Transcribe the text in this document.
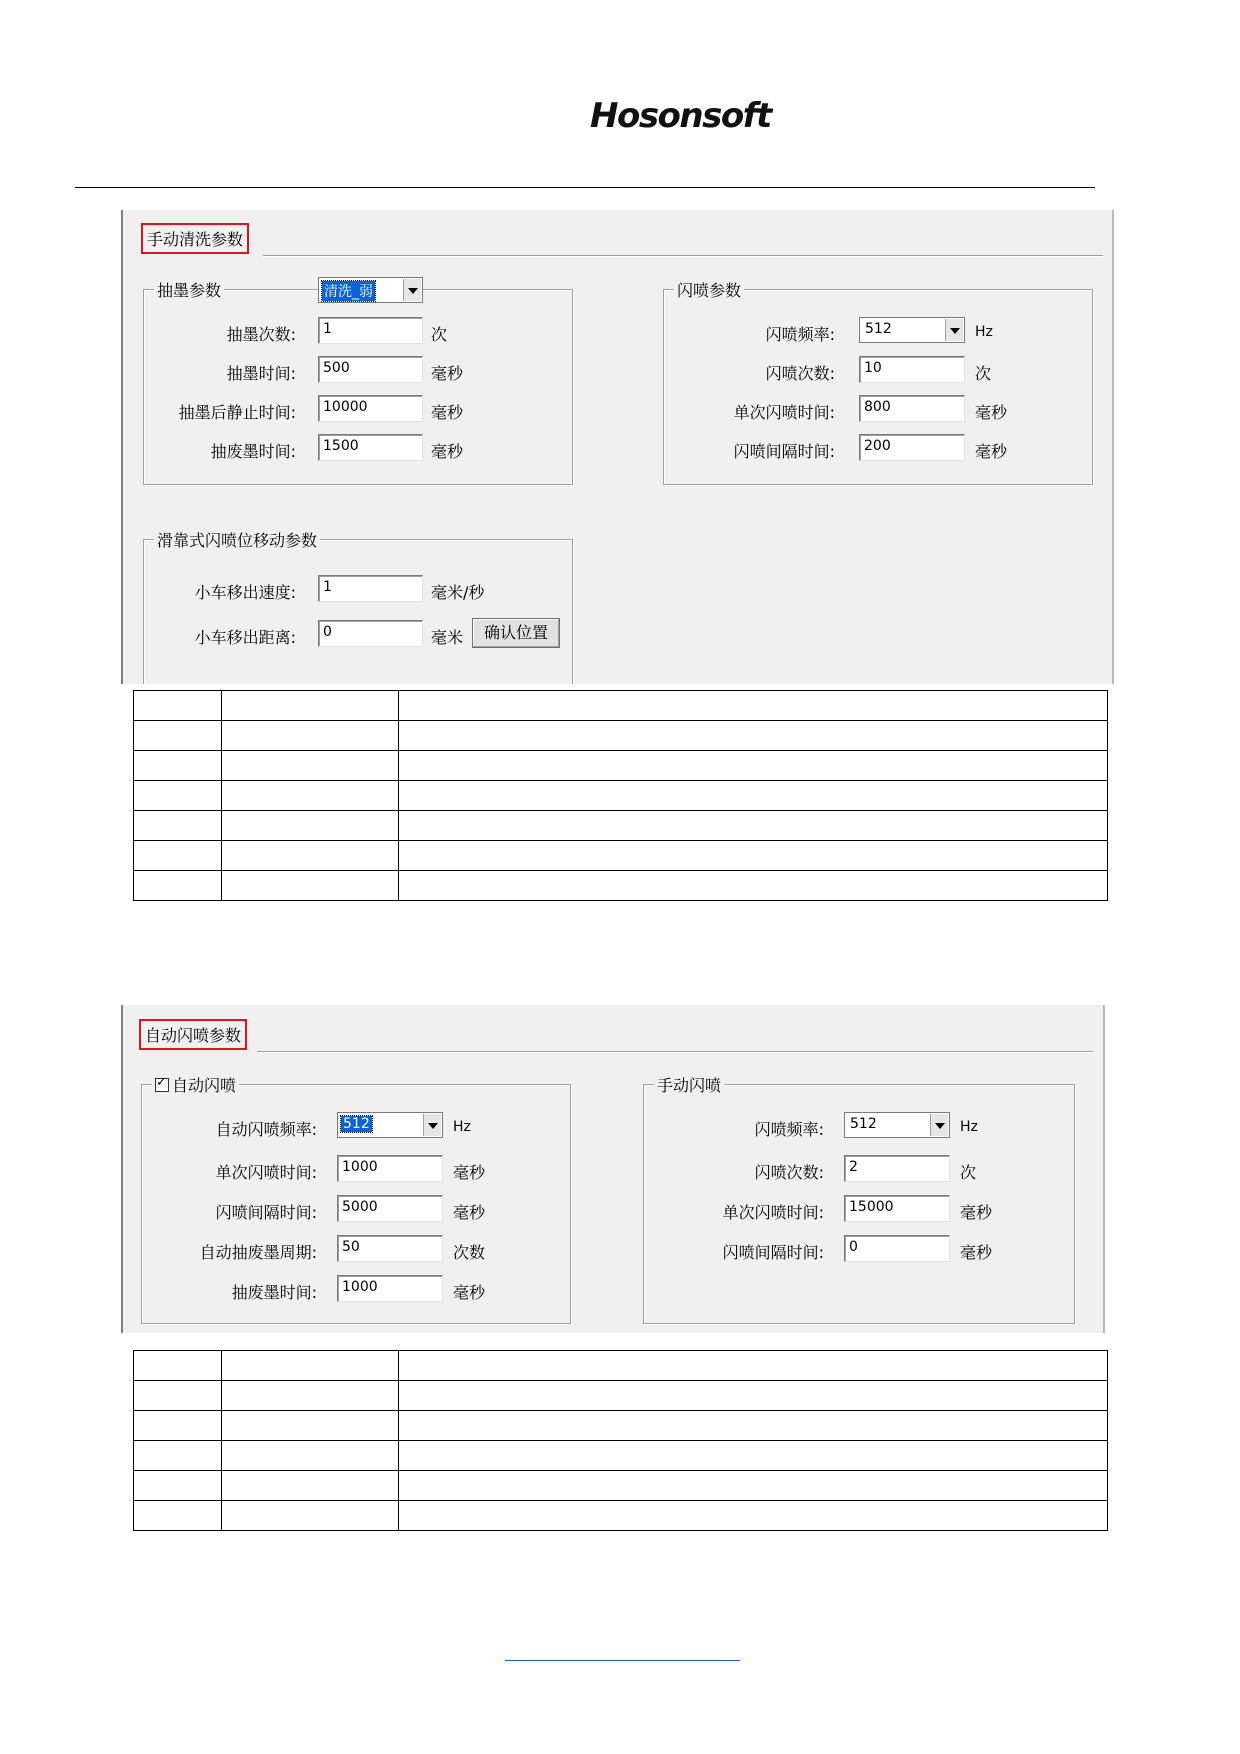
Hosonsoft
手动清洗参数
抽墨参数	清洗_弱
抽墨次数:	1	次
抽墨时间:	500	毫秒
抽墨后静止时间:	10000	毫秒
抽废墨时间:	1500	毫秒
闪喷参数
闪喷频率: 512	Hz
闪喷次数:	10	次
单次闪喷时间:	800	毫秒
闪喷间隔时间:	200	毫秒
滑靠式闪喷位移动参数
小车移出速度:	1	毫米/秒
小车移出距离:	0	毫米	确认位置

自动闪喷参数
自动闪喷
✓
自动闪喷频率: 512	Hz
单次闪喷时间:	1000	毫秒
闪喷间隔时间:	5000	毫秒
自动抽废墨周期:	50	次数
抽废墨时间:	1000	毫秒
手动闪喷
闪喷频率: 512	Hz
闪喷次数:	2	次
单次闪喷时间:	15000	毫秒
闪喷间隔时间:	0	毫秒
